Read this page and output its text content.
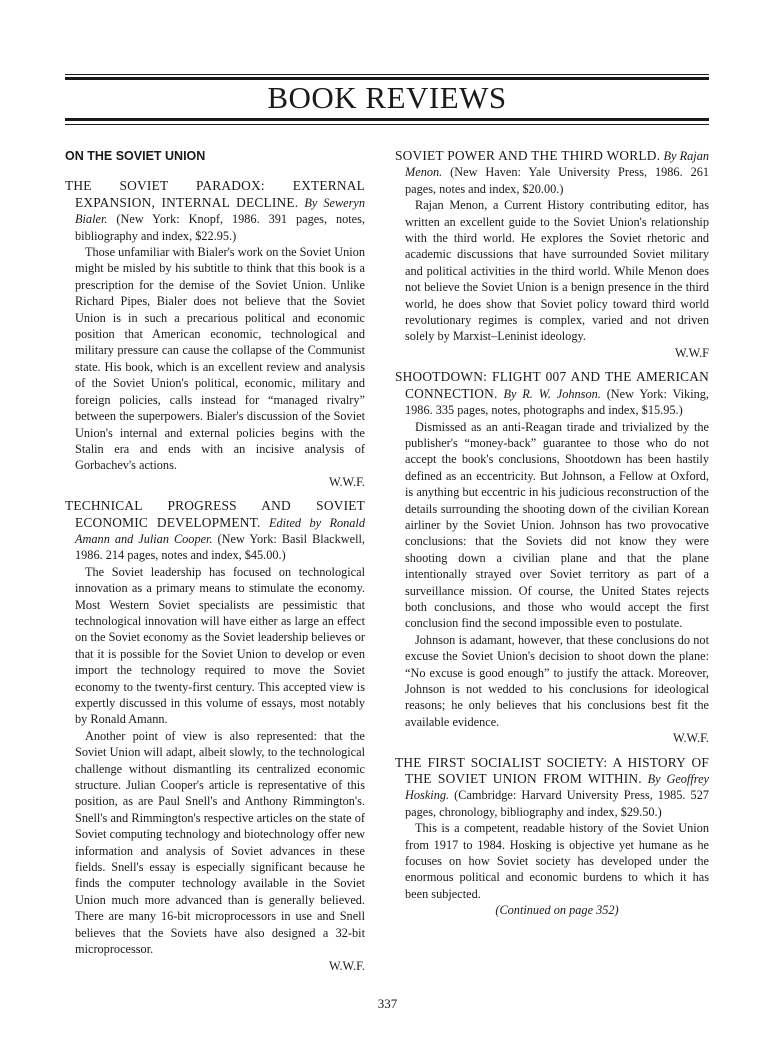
BOOK REVIEWS
ON THE SOVIET UNION
THE SOVIET PARADOX: EXTERNAL EXPANSION, INTERNAL DECLINE. By Seweryn Bialer. (New York: Knopf, 1986. 391 pages, notes, bibliography and index, $22.95.)

Those unfamiliar with Bialer's work on the Soviet Union might be misled by his subtitle to think that this book is a prescription for the demise of the Soviet Union. Unlike Richard Pipes, Bialer does not believe that the Soviet Union is in such a precarious political and economic position that American economic, technological and military pressure can cause the collapse of the Communist state. His book, which is an excellent review and analysis of the Soviet Union's political, economic, military and foreign policies, calls instead for “managed rivalry” between the superpowers. Bialer's discussion of the Soviet Union's internal and external policies begins with the Stalin era and ends with an incisive analysis of Gorbachev's actions.

W.W.F.
TECHNICAL PROGRESS AND SOVIET ECONOMIC DEVELOPMENT. Edited by Ronald Amann and Julian Cooper. (New York: Basil Blackwell, 1986. 214 pages, notes and index, $45.00.)

The Soviet leadership has focused on technological innovation as a primary means to stimulate the economy. Most Western Soviet specialists are pessimistic that technological innovation will have either as large an effect on the Soviet economy as the Soviet leadership believes or that it is possible for the Soviet Union to develop or even import the technology required to move the Soviet economy to the twenty-first century. This accepted view is expertly discussed in this volume of essays, most notably by Ronald Amann.

Another point of view is also represented: that the Soviet Union will adapt, albeit slowly, to the technological challenge without dismantling its centralized economic structure. Julian Cooper's article is representative of this position, as are Paul Snell's and Anthony Rimmington's. Snell's and Rimmington's respective articles on the state of Soviet computing technology and biotechnology offer new information and analysis of Soviet advances in these fields. Snell's essay is especially significant because he finds the computer technology available in the Soviet Union much more advanced than is generally believed. There are many 16-bit microprocessors in use and Snell believes that the Soviets have also designed a 32-bit microprocessor.

W.W.F.
SOVIET POWER AND THE THIRD WORLD. By Rajan Menon. (New Haven: Yale University Press, 1986. 261 pages, notes and index, $20.00.)

Rajan Menon, a Current History contributing editor, has written an excellent guide to the Soviet Union's relationship with the third world. He explores the Soviet rhetoric and academic discussions that have surrounded Soviet military and political activities in the third world. While Menon does not believe the Soviet Union is a benign presence in the third world, he does show that Soviet policy toward third world revolutionary regimes is complex, varied and not driven solely by Marxist–Leninist ideology.

W.W.F
SHOOTDOWN: FLIGHT 007 AND THE AMERICAN CONNECTION. By R. W. Johnson. (New York: Viking, 1986. 335 pages, notes, photographs and index, $15.95.)

Dismissed as an anti-Reagan tirade and trivialized by the publisher's “money-back” guarantee to those who do not accept the book's conclusions, Shootdown has been hastily defined as an eccentricity. But Johnson, a Fellow at Oxford, is anything but eccentric in his judicious reconstruction of the details surrounding the shooting down of the civilian Korean airliner by the Soviet Union. Johnson has two provocative conclusions: that the Soviets did not know they were shooting down a civilian plane and that the plane intentionally strayed over Soviet territory as part of a surveillance mission. Of course, the United States rejects both conclusions, and those who would accept the first conclusion find the second impossible even to postulate.

Johnson is adamant, however, that these conclusions do not excuse the Soviet Union's decision to shoot down the plane: “No excuse is good enough” to justify the attack. Moreover, Johnson is not wedded to his conclusions for ideological reasons; he only believes that his conclusions best fit the available evidence.

W.W.F.
THE FIRST SOCIALIST SOCIETY: A HISTORY OF THE SOVIET UNION FROM WITHIN. By Geoffrey Hosking. (Cambridge: Harvard University Press, 1985. 527 pages, chronology, bibliography and index, $29.50.)

This is a competent, readable history of the Soviet Union from 1917 to 1984. Hosking is objective yet humane as he focuses on how Soviet society has developed under the enormous political and economic burdens to which it has been subjected.

(Continued on page 352)
337
